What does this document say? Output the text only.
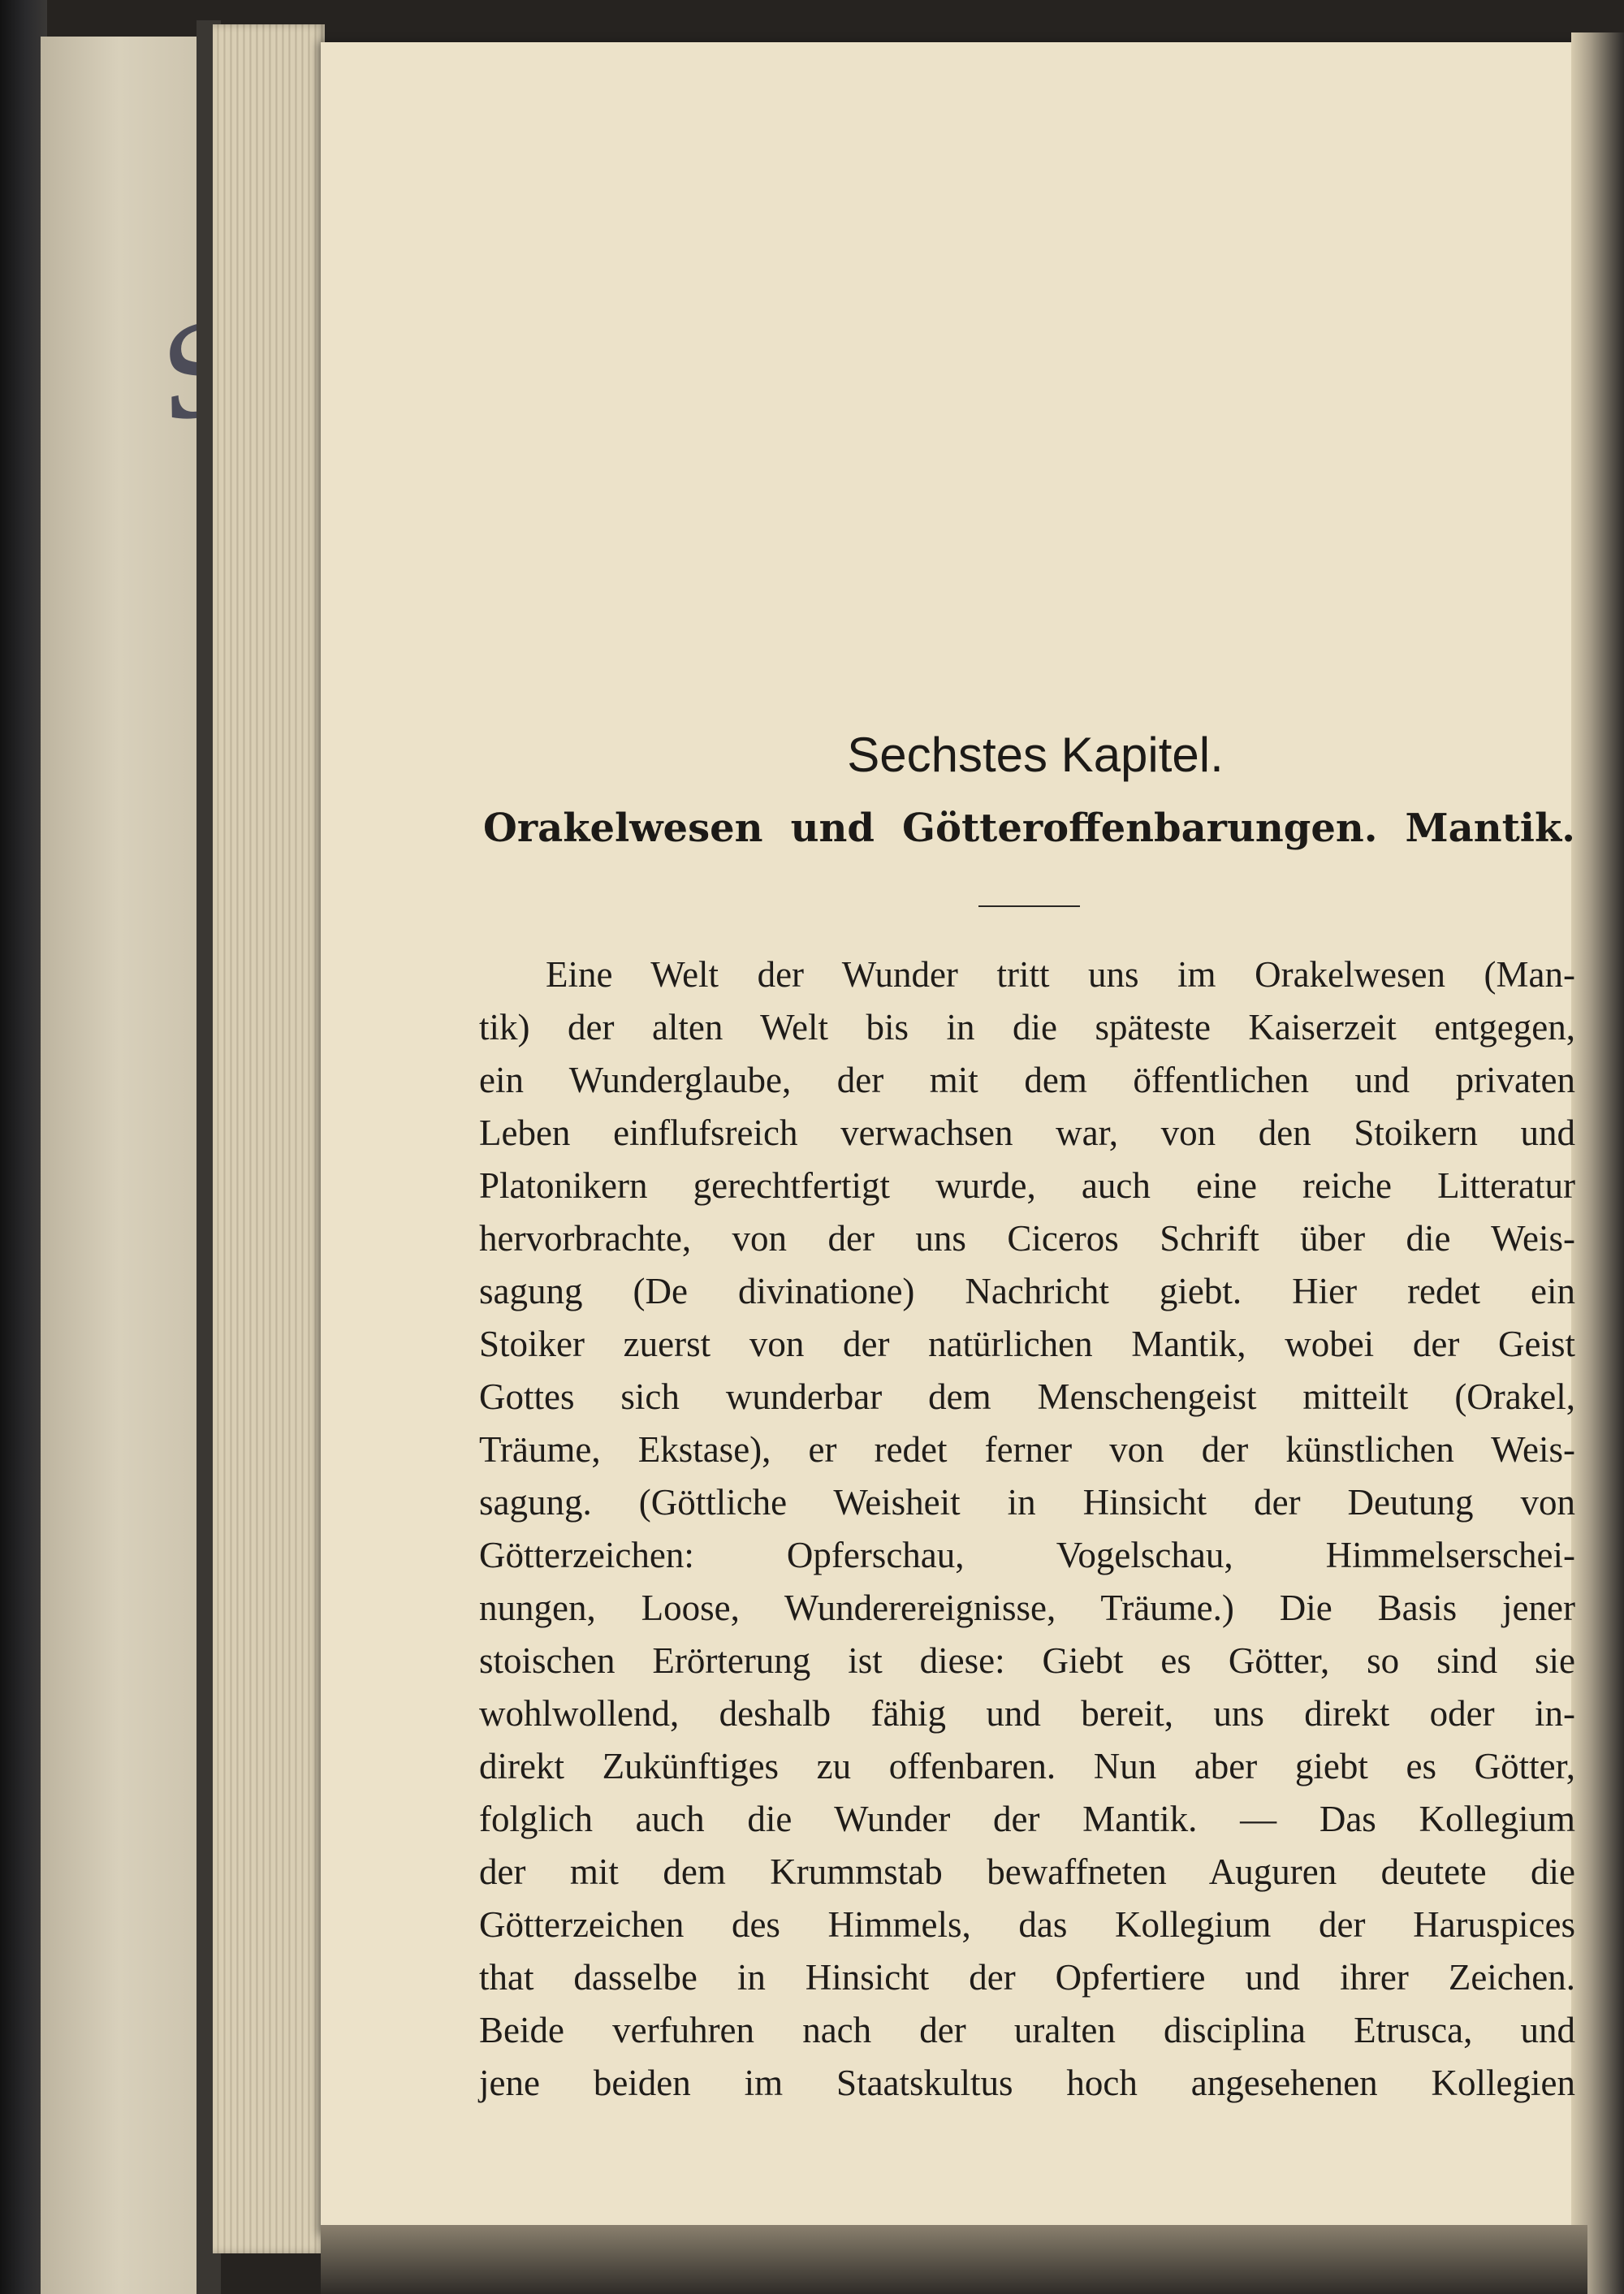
Sechstes Kapitel.
Orakelwesen und Götteroffenbarungen. Mantik.
Eine Welt der Wunder tritt uns im Orakelwesen (Man-
tik) der alten Welt bis in die späteste Kaiserzeit entgegen,
ein Wunderglaube, der mit dem öffentlichen und privaten
Leben einflufsreich verwachsen war, von den Stoikern und
Platonikern gerechtfertigt wurde, auch eine reiche Litteratur
hervorbrachte, von der uns Ciceros Schrift über die Weis-
sagung (De divinatione) Nachricht giebt. Hier redet ein
Stoiker zuerst von der natürlichen Mantik, wobei der Geist
Gottes sich wunderbar dem Menschengeist mitteilt (Orakel,
Träume, Ekstase), er redet ferner von der künstlichen Weis-
sagung. (Göttliche Weisheit in Hinsicht der Deutung von
Götterzeichen: Opferschau, Vogelschau, Himmelserschei-
nungen, Loose, Wunderereignisse, Träume.) Die Basis jener
stoischen Erörterung ist diese: Giebt es Götter, so sind sie
wohlwollend, deshalb fähig und bereit, uns direkt oder in-
direkt Zukünftiges zu offenbaren. Nun aber giebt es Götter,
folglich auch die Wunder der Mantik. — Das Kollegium
der mit dem Krummstab bewaffneten Auguren deutete die
Götterzeichen des Himmels, das Kollegium der Haruspices
that dasselbe in Hinsicht der Opfertiere und ihrer Zeichen.
Beide verfuhren nach der uralten disciplina Etrusca, und
jene beiden im Staatskultus hoch angesehenen Kollegien
